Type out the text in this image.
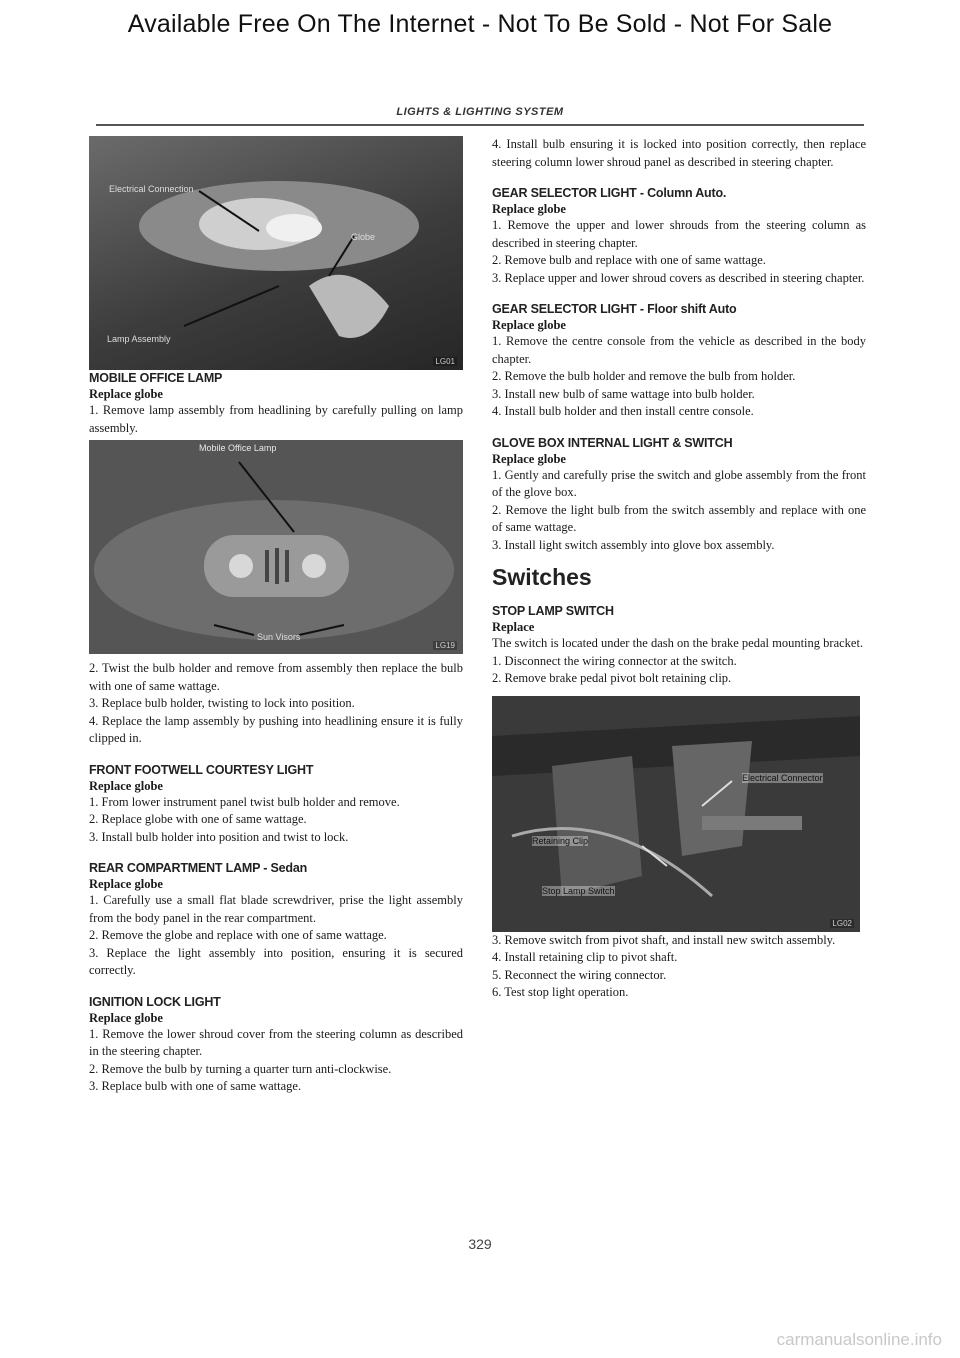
Available Free On The Internet - Not To Be Sold - Not For Sale
LIGHTS & LIGHTING SYSTEM
Electrical Connection
Globe
Lamp Assembly
LG01

MOBILE OFFICE LAMP

Replace globe

1. Remove lamp assembly from headlining by carefully pulling on lamp assembly.

Mobile Office Lamp
Sun Visors
LG19

2. Twist the bulb holder and remove from assembly then replace the bulb with one of same wattage.

3. Replace bulb holder, twisting to lock into position.

4. Replace the lamp assembly by pushing into headlining ensure it is fully clipped in.

FRONT FOOTWELL COURTESY LIGHT

Replace globe

1. From lower instrument panel twist bulb holder and remove.

2. Replace globe with one of same wattage.

3. Install bulb holder into position and twist to lock.

REAR COMPARTMENT LAMP - Sedan

Replace globe

1. Carefully use a small flat blade screwdriver, prise the light assembly from the body panel in the rear compartment.

2. Remove the globe and replace with one of same wattage.

3. Replace the light assembly into position, ensuring it is secured correctly.

IGNITION LOCK LIGHT

Replace globe

1. Remove the lower shroud cover from the steering column as described in the steering chapter.

2. Remove the bulb by turning a quarter turn anti-clockwise.

3. Replace bulb with one of same wattage.

4. Install bulb ensuring it is locked into position correctly, then replace steering column lower shroud panel as described in steering chapter.

GEAR SELECTOR LIGHT - Column Auto.

Replace globe

1. Remove the upper and lower shrouds from the steering column as described in steering chapter.

2. Remove bulb and replace with one of same wattage.

3. Replace upper and lower shroud covers as described in steering chapter.

GEAR SELECTOR LIGHT - Floor shift Auto

Replace globe

1. Remove the centre console from the vehicle as described in the body chapter.

2. Remove the bulb holder and remove the bulb from holder.

3. Install new bulb of same wattage into bulb holder.

4. Install bulb holder and then install centre console.

GLOVE BOX INTERNAL LIGHT & SWITCH

Replace globe

1. Gently and carefully prise the switch and globe assembly from the front of the glove box.

2. Remove the light bulb from the switch assembly and replace with one of same wattage.

3. Install light switch assembly into glove box assembly.

Switches

STOP LAMP SWITCH

Replace

The switch is located under the dash on the brake pedal mounting bracket.

1. Disconnect the wiring connector at the switch.

2. Remove brake pedal pivot bolt retaining clip.

Electrical Connector
Retaining Clip
Stop Lamp Switch
LG02

3. Remove switch from pivot shaft, and install new switch assembly.

4. Install retaining clip to pivot shaft.

5. Reconnect the wiring connector.

6. Test stop light operation.

329
carmanualsonline.info
